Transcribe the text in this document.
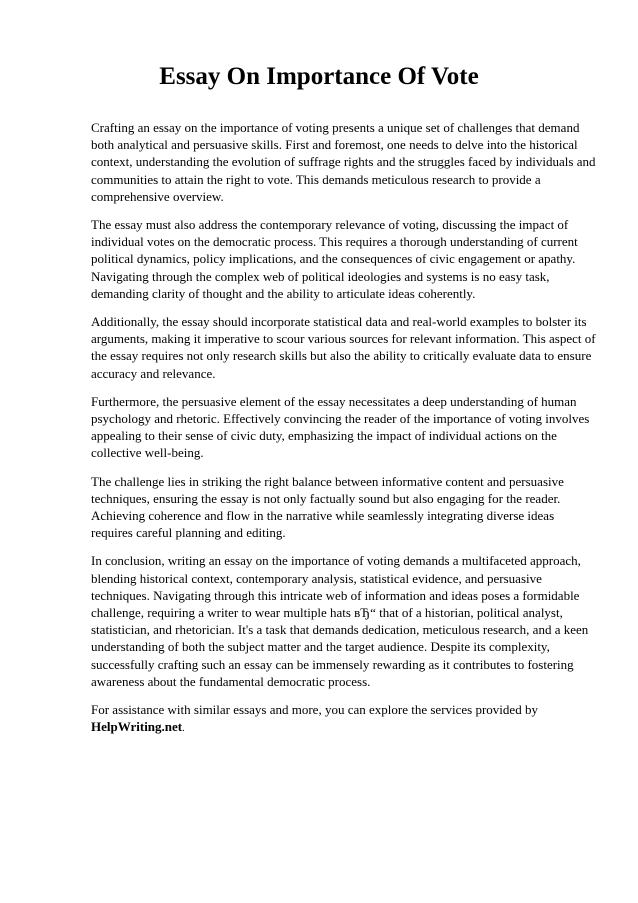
Essay On Importance Of Vote

Crafting an essay on the importance of voting presents a unique set of challenges that demand both analytical and persuasive skills. First and foremost, one needs to delve into the historical context, understanding the evolution of suffrage rights and the struggles faced by individuals and communities to attain the right to vote. This demands meticulous research to provide a comprehensive overview.

The essay must also address the contemporary relevance of voting, discussing the impact of individual votes on the democratic process. This requires a thorough understanding of current political dynamics, policy implications, and the consequences of civic engagement or apathy. Navigating through the complex web of political ideologies and systems is no easy task, demanding clarity of thought and the ability to articulate ideas coherently.

Additionally, the essay should incorporate statistical data and real-world examples to bolster its arguments, making it imperative to scour various sources for relevant information. This aspect of the essay requires not only research skills but also the ability to critically evaluate data to ensure accuracy and relevance.

Furthermore, the persuasive element of the essay necessitates a deep understanding of human psychology and rhetoric. Effectively convincing the reader of the importance of voting involves appealing to their sense of civic duty, emphasizing the impact of individual actions on the collective well-being.

The challenge lies in striking the right balance between informative content and persuasive techniques, ensuring the essay is not only factually sound but also engaging for the reader. Achieving coherence and flow in the narrative while seamlessly integrating diverse ideas requires careful planning and editing.

In conclusion, writing an essay on the importance of voting demands a multifaceted approach, blending historical context, contemporary analysis, statistical evidence, and persuasive techniques. Navigating through this intricate web of information and ideas poses a formidable challenge, requiring a writer to wear multiple hats вЂ“ that of a historian, political analyst, statistician, and rhetorician. It's a task that demands dedication, meticulous research, and a keen understanding of both the subject matter and the target audience. Despite its complexity, successfully crafting such an essay can be immensely rewarding as it contributes to fostering awareness about the fundamental democratic process.

For assistance with similar essays and more, you can explore the services provided by
HelpWriting.net.
